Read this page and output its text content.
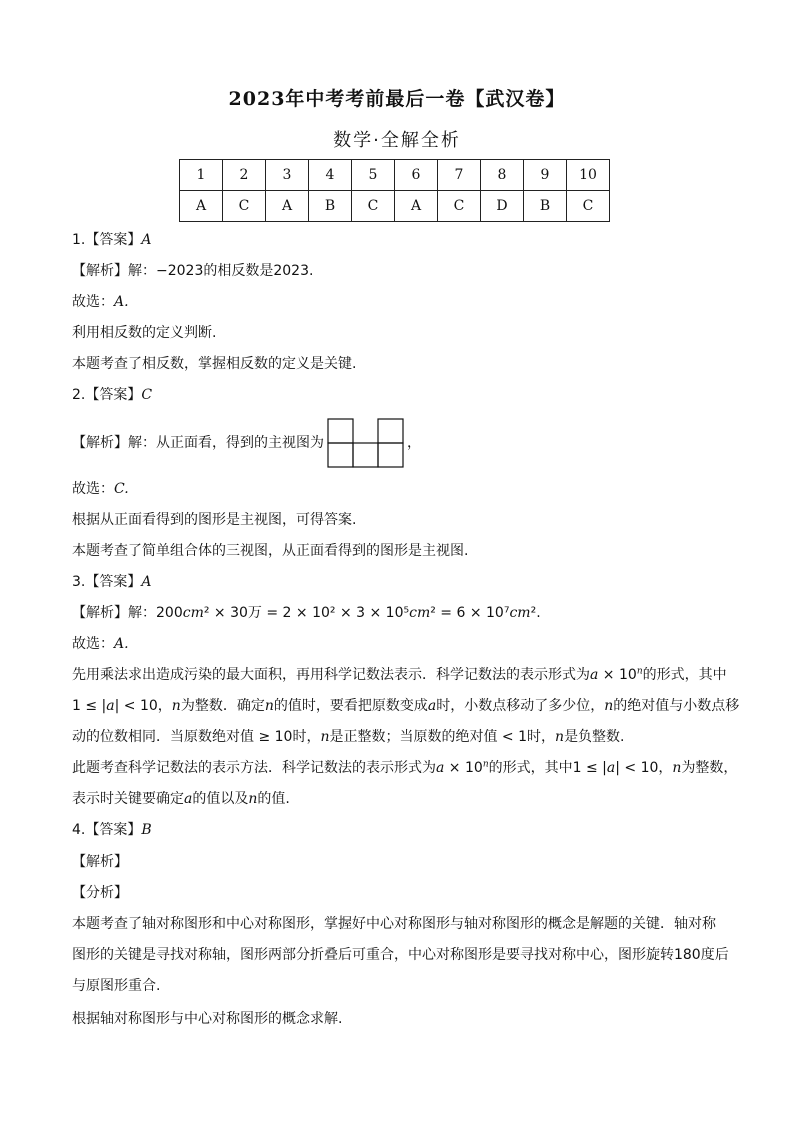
2023年中考考前最后一卷【武汉卷】
数学·全解全析
1	2	3	4	5	6	7	8	9	10
A	C	A	B	C	A	C	D	B	C
1.【答案】A
【解析】解：−2023的相反数是2023.
故选：A.
利用相反数的定义判断.
本题考查了相反数，掌握相反数的定义是关键.
2.【答案】C
【解析】解：从正面看，得到的主视图为	，
故选：C.
根据从正面看得到的图形是主视图，可得答案.
本题考查了简单组合体的三视图，从正面看得到的图形是主视图.
3.【答案】A
【解析】解：200cm² × 30万 = 2 × 10² × 3 × 10⁵cm² = 6 × 10⁷cm².
故选：A.
先用乘法求出造成污染的最大面积，再用科学记数法表示．科学记数法的表示形式为$a \times 10^n$的形式，其中
1 ≤ |a| < 10，n为整数．确定n的值时，要看把原数变成a时，小数点移动了多少位，n的绝对值与小数点移
动的位数相同．当原数绝对值 ≥ 10时，n是正整数；当原数的绝对值 < 1时，n是负整数.
此题考查科学记数法的表示方法．科学记数法的表示形式为$a \times 10^n$的形式，其中1 ≤ |a| < 10，n为整数，
表示时关键要确定a的值以及n的值.
4.【答案】B
【解析】
【分析】
本题考查了轴对称图形和中心对称图形，掌握好中心对称图形与轴对称图形的概念是解题的关键．轴对称
图形的关键是寻找对称轴，图形两部分折叠后可重合，中心对称图形是要寻找对称中心，图形旋转180度后
与原图形重合.
根据轴对称图形与中心对称图形的概念求解.
